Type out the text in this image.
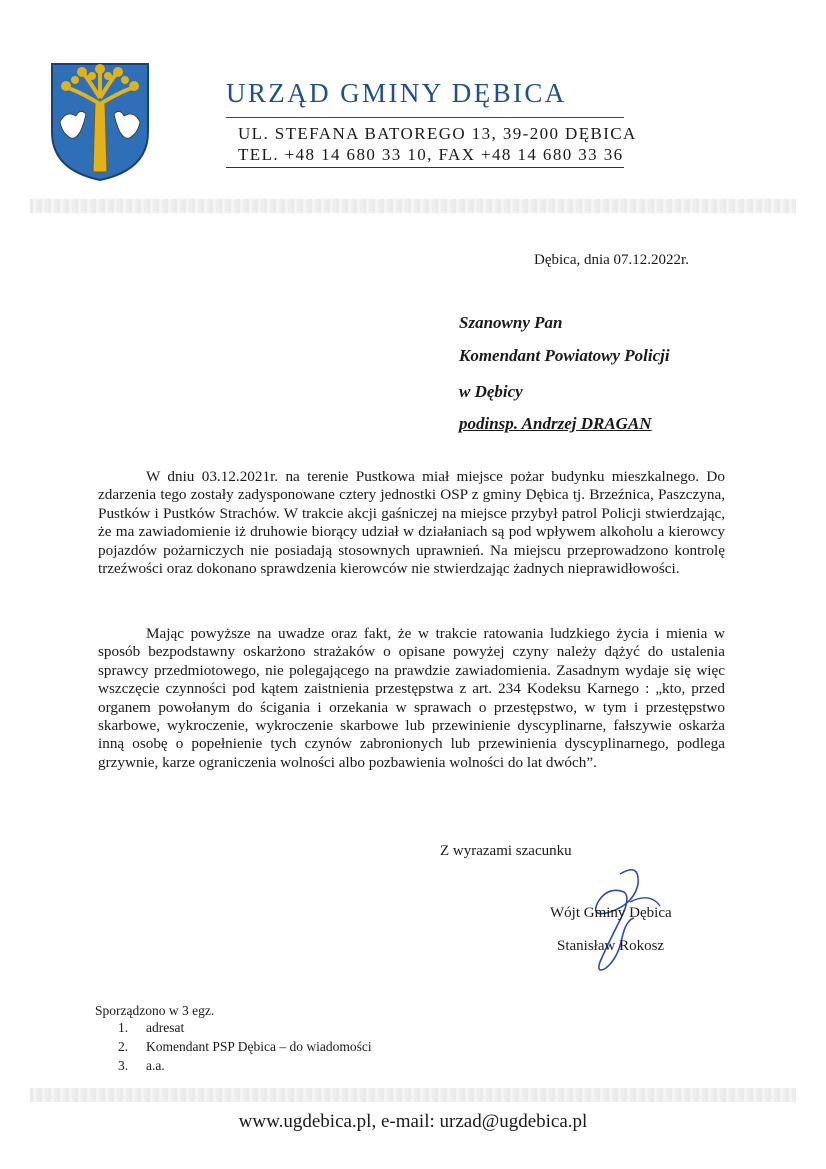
URZĄD GMINY DĘBICA
UL. STEFANA BATOREGO 13, 39-200 DĘBICA
TEL. +48 14 680 33 10, FAX +48 14 680 33 36
Dębica, dnia 07.12.2022r.
Szanowny Pan
Komendant Powiatowy Policji
w Dębicy
podinsp. Andrzej DRAGAN

W dniu 03.12.2021r. na terenie Pustkowa miał miejsce pożar budynku mieszkalnego. Do zdarzenia tego zostały zadysponowane cztery jednostki OSP z gminy Dębica tj. Brzeźnica, Paszczyna, Pustków i Pustków Strachów. W trakcie akcji gaśniczej na miejsce przybył patrol Policji stwierdzając, że ma zawiadomienie iż druhowie biorący udział w działaniach są pod wpływem alkoholu a kierowcy pojazdów pożarniczych nie posiadają stosownych uprawnień. Na miejscu przeprowadzono kontrolę trzeźwości oraz dokonano sprawdzenia kierowców nie stwierdzając żadnych nieprawidłowości.

Mając powyższe na uwadze oraz fakt, że w trakcie ratowania ludzkiego życia i mienia w sposób bezpodstawny oskarżono strażaków o opisane powyżej czyny należy dążyć do ustalenia sprawcy przedmiotowego, nie polegającego na prawdzie zawiadomienia. Zasadnym wydaje się więc wszczęcie czynności pod kątem zaistnienia przestępstwa z art. 234 Kodeksu Karnego : „kto, przed organem powołanym do ścigania i orzekania w sprawach o przestępstwo, w tym i przestępstwo skarbowe, wykroczenie, wykroczenie skarbowe lub przewinienie dyscyplinarne, fałszywie oskarża inną osobę o popełnienie tych czynów zabronionych lub przewinienia dyscyplinarnego, podlega grzywnie, karze ograniczenia wolności albo pozbawienia wolności do lat dwóch”.

Z wyrazami szacunku
Wójt Gminy Dębica
Stanisław Rokosz
Sporządzono w 3 egz.
1. adresat
2. Komendant PSP Dębica – do wiadomości
3. a.a.
www.ugdebica.pl, e-mail: urzad@ugdebica.pl
